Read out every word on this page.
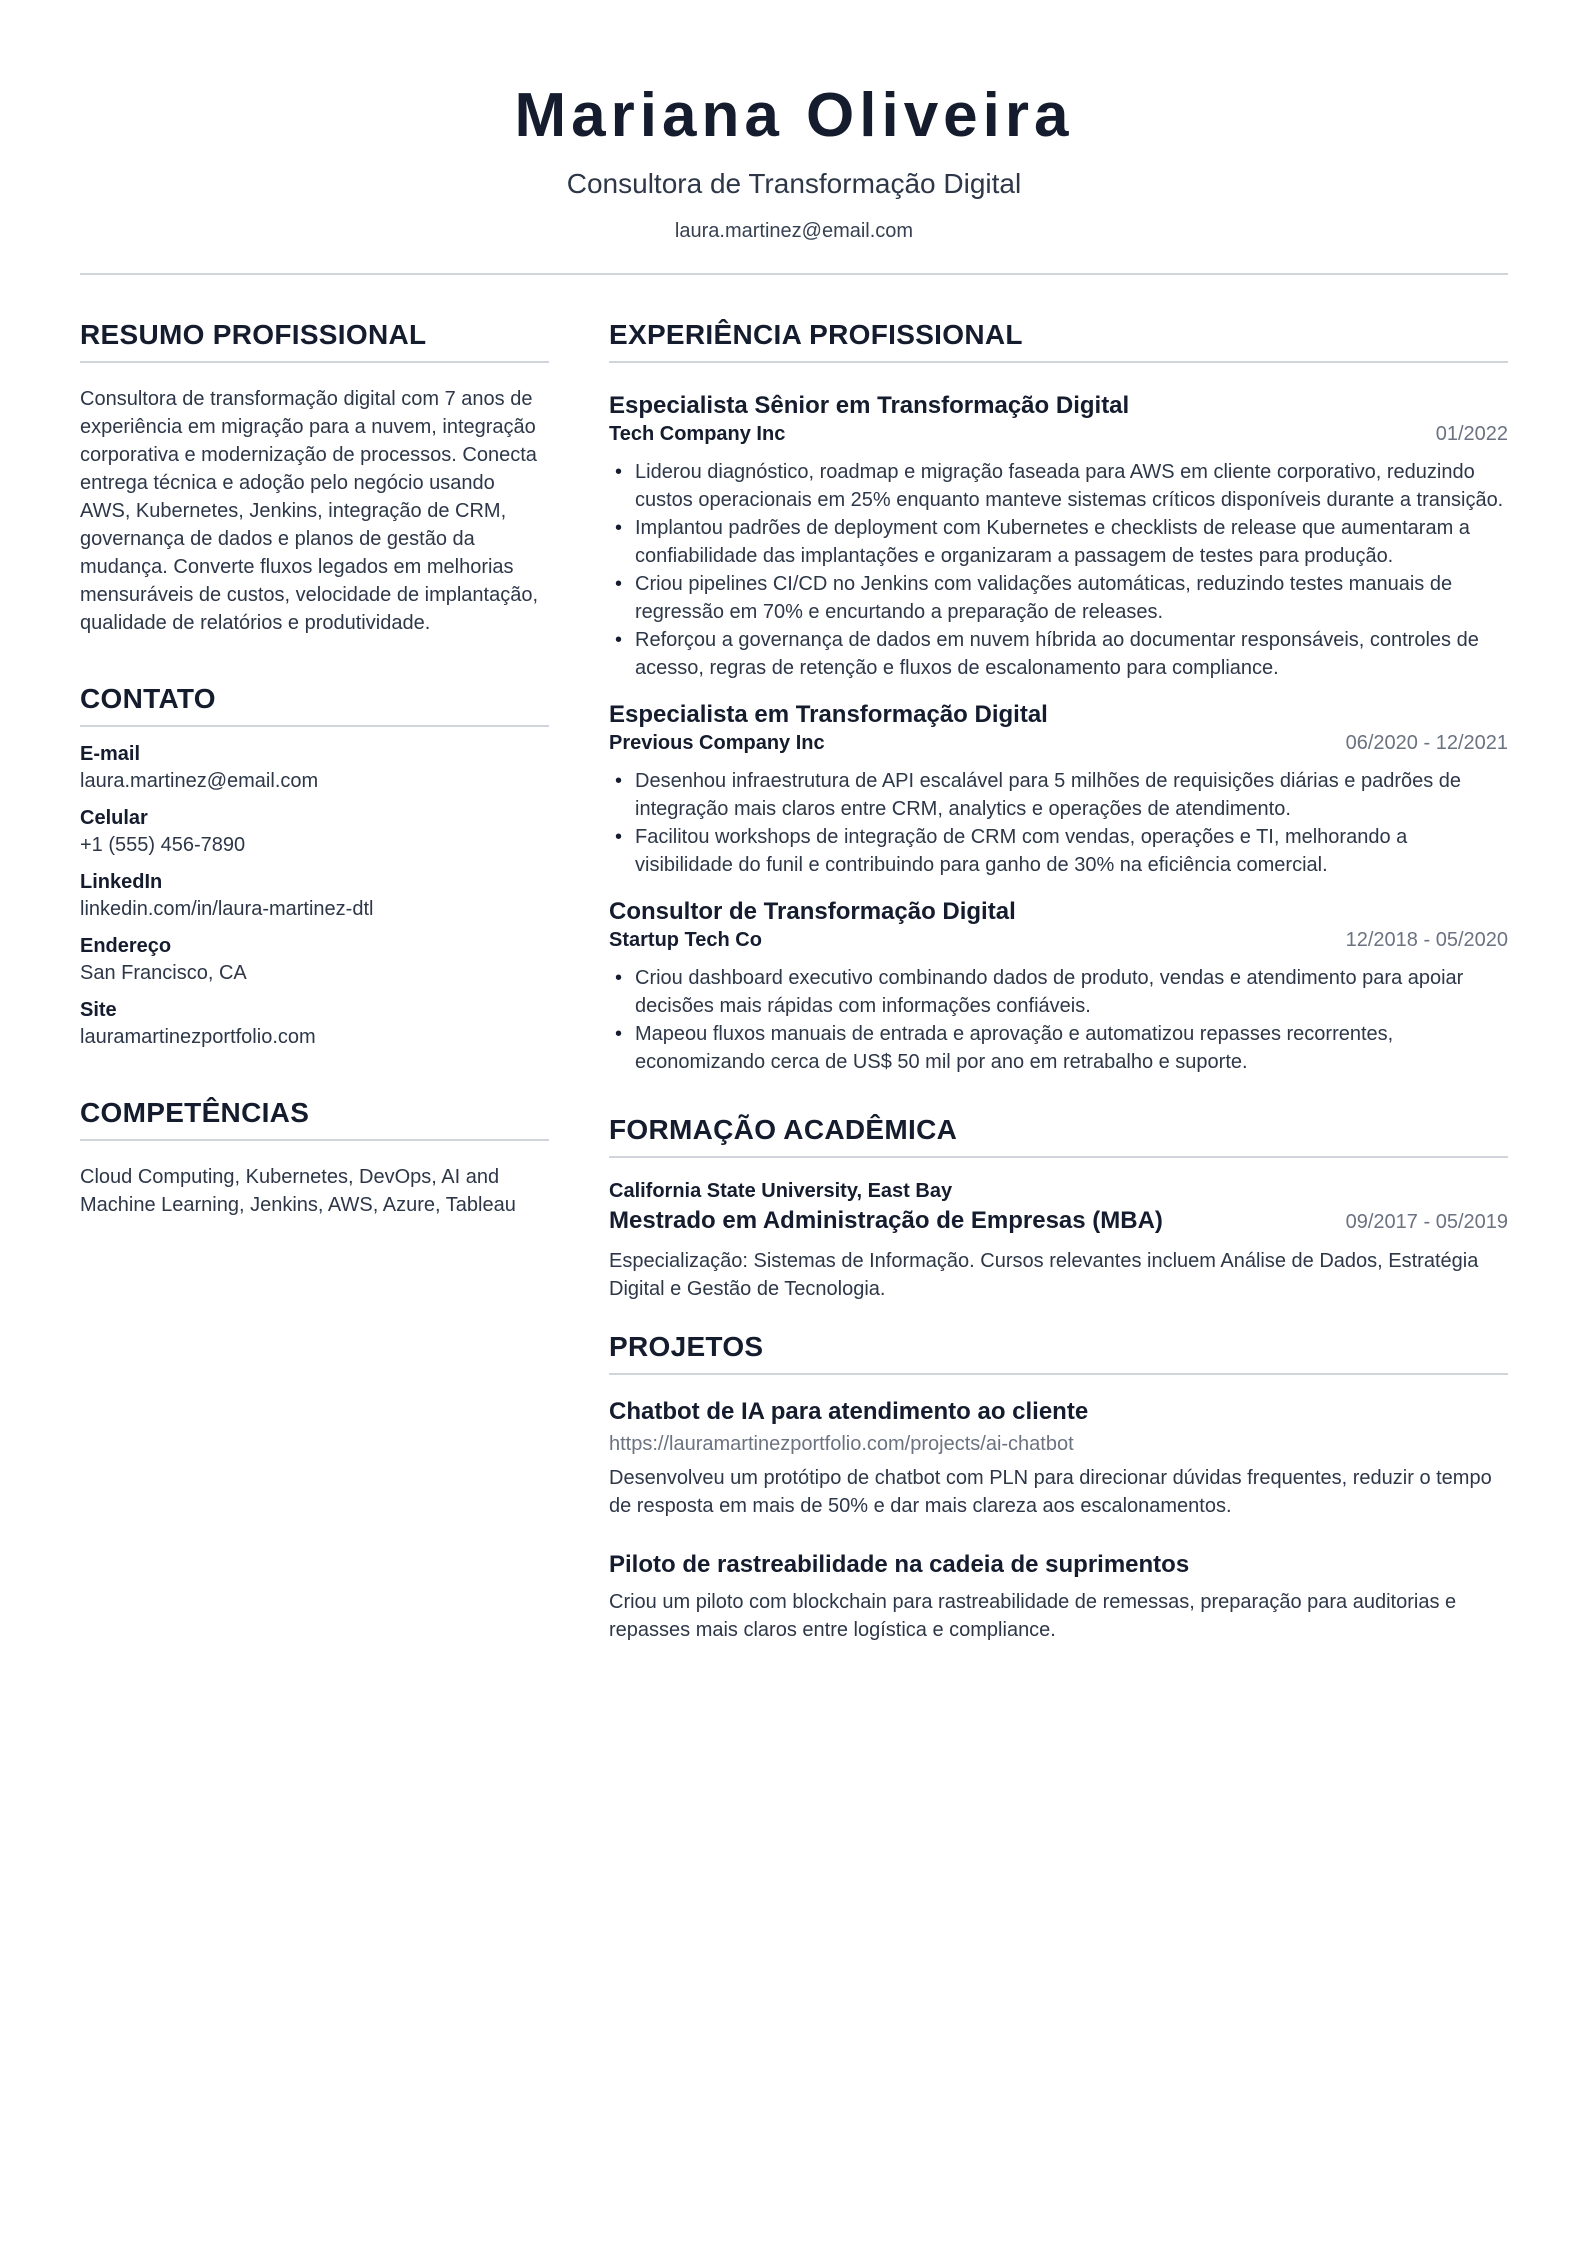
Mariana Oliveira
Consultora de Transformação Digital
laura.martinez@email.com
RESUMO PROFISSIONAL
Consultora de transformação digital com 7 anos de experiência em migração para a nuvem, integração corporativa e modernização de processos. Conecta entrega técnica e adoção pelo negócio usando AWS, Kubernetes, Jenkins, integração de CRM, governança de dados e planos de gestão da mudança. Converte fluxos legados em melhorias mensuráveis de custos, velocidade de implantação, qualidade de relatórios e produtividade.
CONTATO
E-mail
laura.martinez@email.com
Celular
+1 (555) 456-7890
LinkedIn
linkedin.com/in/laura-martinez-dtl
Endereço
San Francisco, CA
Site
lauramartinezportfolio.com
COMPETÊNCIAS
Cloud Computing, Kubernetes, DevOps, AI and Machine Learning, Jenkins, AWS, Azure, Tableau
EXPERIÊNCIA PROFISSIONAL
Especialista Sênior em Transformação Digital
Tech Company Inc	01/2022
• Liderou diagnóstico, roadmap e migração faseada para AWS em cliente corporativo, reduzindo custos operacionais em 25% enquanto manteve sistemas críticos disponíveis durante a transição.
• Implantou padrões de deployment com Kubernetes e checklists de release que aumentaram a confiabilidade das implantações e organizaram a passagem de testes para produção.
• Criou pipelines CI/CD no Jenkins com validações automáticas, reduzindo testes manuais de regressão em 70% e encurtando a preparação de releases.
• Reforçou a governança de dados em nuvem híbrida ao documentar responsáveis, controles de acesso, regras de retenção e fluxos de escalonamento para compliance.
Especialista em Transformação Digital
Previous Company Inc	06/2020 - 12/2021
• Desenhou infraestrutura de API escalável para 5 milhões de requisições diárias e padrões de integração mais claros entre CRM, analytics e operações de atendimento.
• Facilitou workshops de integração de CRM com vendas, operações e TI, melhorando a visibilidade do funil e contribuindo para ganho de 30% na eficiência comercial.
Consultor de Transformação Digital
Startup Tech Co	12/2018 - 05/2020
• Criou dashboard executivo combinando dados de produto, vendas e atendimento para apoiar decisões mais rápidas com informações confiáveis.
• Mapeou fluxos manuais de entrada e aprovação e automatizou repasses recorrentes, economizando cerca de US$ 50 mil por ano em retrabalho e suporte.
FORMAÇÃO ACADÊMICA
California State University, East Bay
Mestrado em Administração de Empresas (MBA)	09/2017 - 05/2019
Especialização: Sistemas de Informação. Cursos relevantes incluem Análise de Dados, Estratégia Digital e Gestão de Tecnologia.
PROJETOS
Chatbot de IA para atendimento ao cliente
https://lauramartinezportfolio.com/projects/ai-chatbot
Desenvolveu um protótipo de chatbot com PLN para direcionar dúvidas frequentes, reduzir o tempo de resposta em mais de 50% e dar mais clareza aos escalonamentos.
Piloto de rastreabilidade na cadeia de suprimentos
Criou um piloto com blockchain para rastreabilidade de remessas, preparação para auditorias e repasses mais claros entre logística e compliance.
